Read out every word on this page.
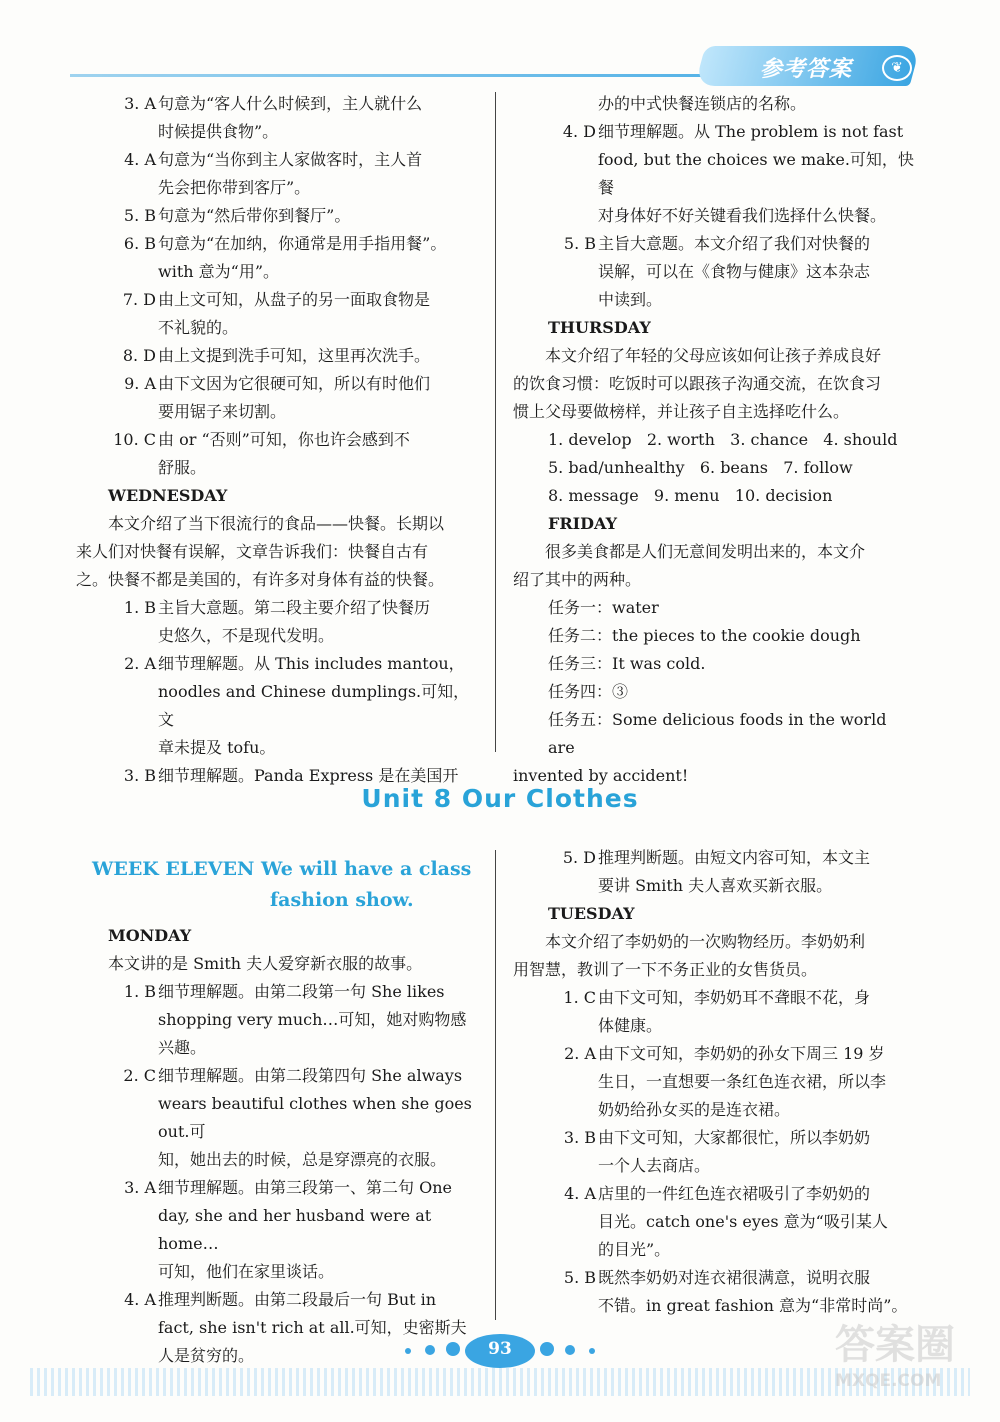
参考答案	❦
3. A 句意为“客人什么时候到，主人就什么
时候提供食物”。
4. A 句意为“当你到主人家做客时，主人首
先会把你带到客厅”。
5. B 句意为“然后带你到餐厅”。
6. B 句意为“在加纳，你通常是用手指用餐”。
with 意为“用”。
7. D 由上文可知，从盘子的另一面取食物是
不礼貌的。
8. D 由上文提到洗手可知，这里再次洗手。
9. A 由下文因为它很硬可知，所以有时他们
要用锯子来切割。
10. C 由 or “否则”可知，你也许会感到不
舒服。
WEDNESDAY
本文介绍了当下很流行的食品——快餐。长期以
来人们对快餐有误解，文章告诉我们：快餐自古有
之。快餐不都是美国的，有许多对身体有益的快餐。
1. B 主旨大意题。第二段主要介绍了快餐历
史悠久，不是现代发明。
2. A 细节理解题。从 This includes mantou，
noodles and Chinese dumplings.可知，文
章未提及 tofu。
3. B 细节理解题。Panda Express 是在美国开
办的中式快餐连锁店的名称。
4. D 细节理解题。从 The problem is not fast
food, but the choices we make.可知，快餐
对身体好不好关键看我们选择什么快餐。
5. B 主旨大意题。本文介绍了我们对快餐的
误解，可以在《食物与健康》这本杂志
中读到。
THURSDAY
本文介绍了年轻的父母应该如何让孩子养成良好
的饮食习惯：吃饭时可以跟孩子沟通交流，在饮食习
惯上父母要做榜样，并让孩子自主选择吃什么。
1. develop   2. worth   3. chance   4. should
5. bad/unhealthy   6. beans   7. follow
8. message   9. menu   10. decision
FRIDAY
很多美食都是人们无意间发明出来的，本文介
绍了其中的两种。
任务一：water
任务二：the pieces to the cookie dough
任务三：It was cold.
任务四：③
任务五：Some delicious foods in the world are
invented by accident!
Unit 8 Our Clothes
WEEK ELEVEN We will have a class
fashion show.
MONDAY
本文讲的是 Smith 夫人爱穿新衣服的故事。
1. B 细节理解题。由第二段第一句 She likes
shopping very much…可知，她对购物感
兴趣。
2. C 细节理解题。由第二段第四句 She always
wears beautiful clothes when she goes out.可
知，她出去的时候，总是穿漂亮的衣服。
3. A 细节理解题。由第三段第一、第二句 One
day, she and her husband were at home…
可知，他们在家里谈话。
4. A 推理判断题。由第二段最后一句 But in
fact, she isn't rich at all.可知，史密斯夫
人是贫穷的。
5. D 推理判断题。由短文内容可知，本文主
要讲 Smith 夫人喜欢买新衣服。
TUESDAY
本文介绍了李奶奶的一次购物经历。李奶奶利
用智慧，教训了一下不务正业的女售货员。
1. C 由下文可知，李奶奶耳不聋眼不花，身
体健康。
2. A 由下文可知，李奶奶的孙女下周三 19 岁
生日，一直想要一条红色连衣裙，所以李
奶奶给孙女买的是连衣裙。
3. B 由下文可知，大家都很忙，所以李奶奶
一个人去商店。
4. A 店里的一件红色连衣裙吸引了李奶奶的
目光。catch one's eyes 意为“吸引某人
的目光”。
5. B 既然李奶奶对连衣裙很满意，说明衣服
不错。in great fashion 意为“非常时尚”。
93	答案圈
MXQE.COM
